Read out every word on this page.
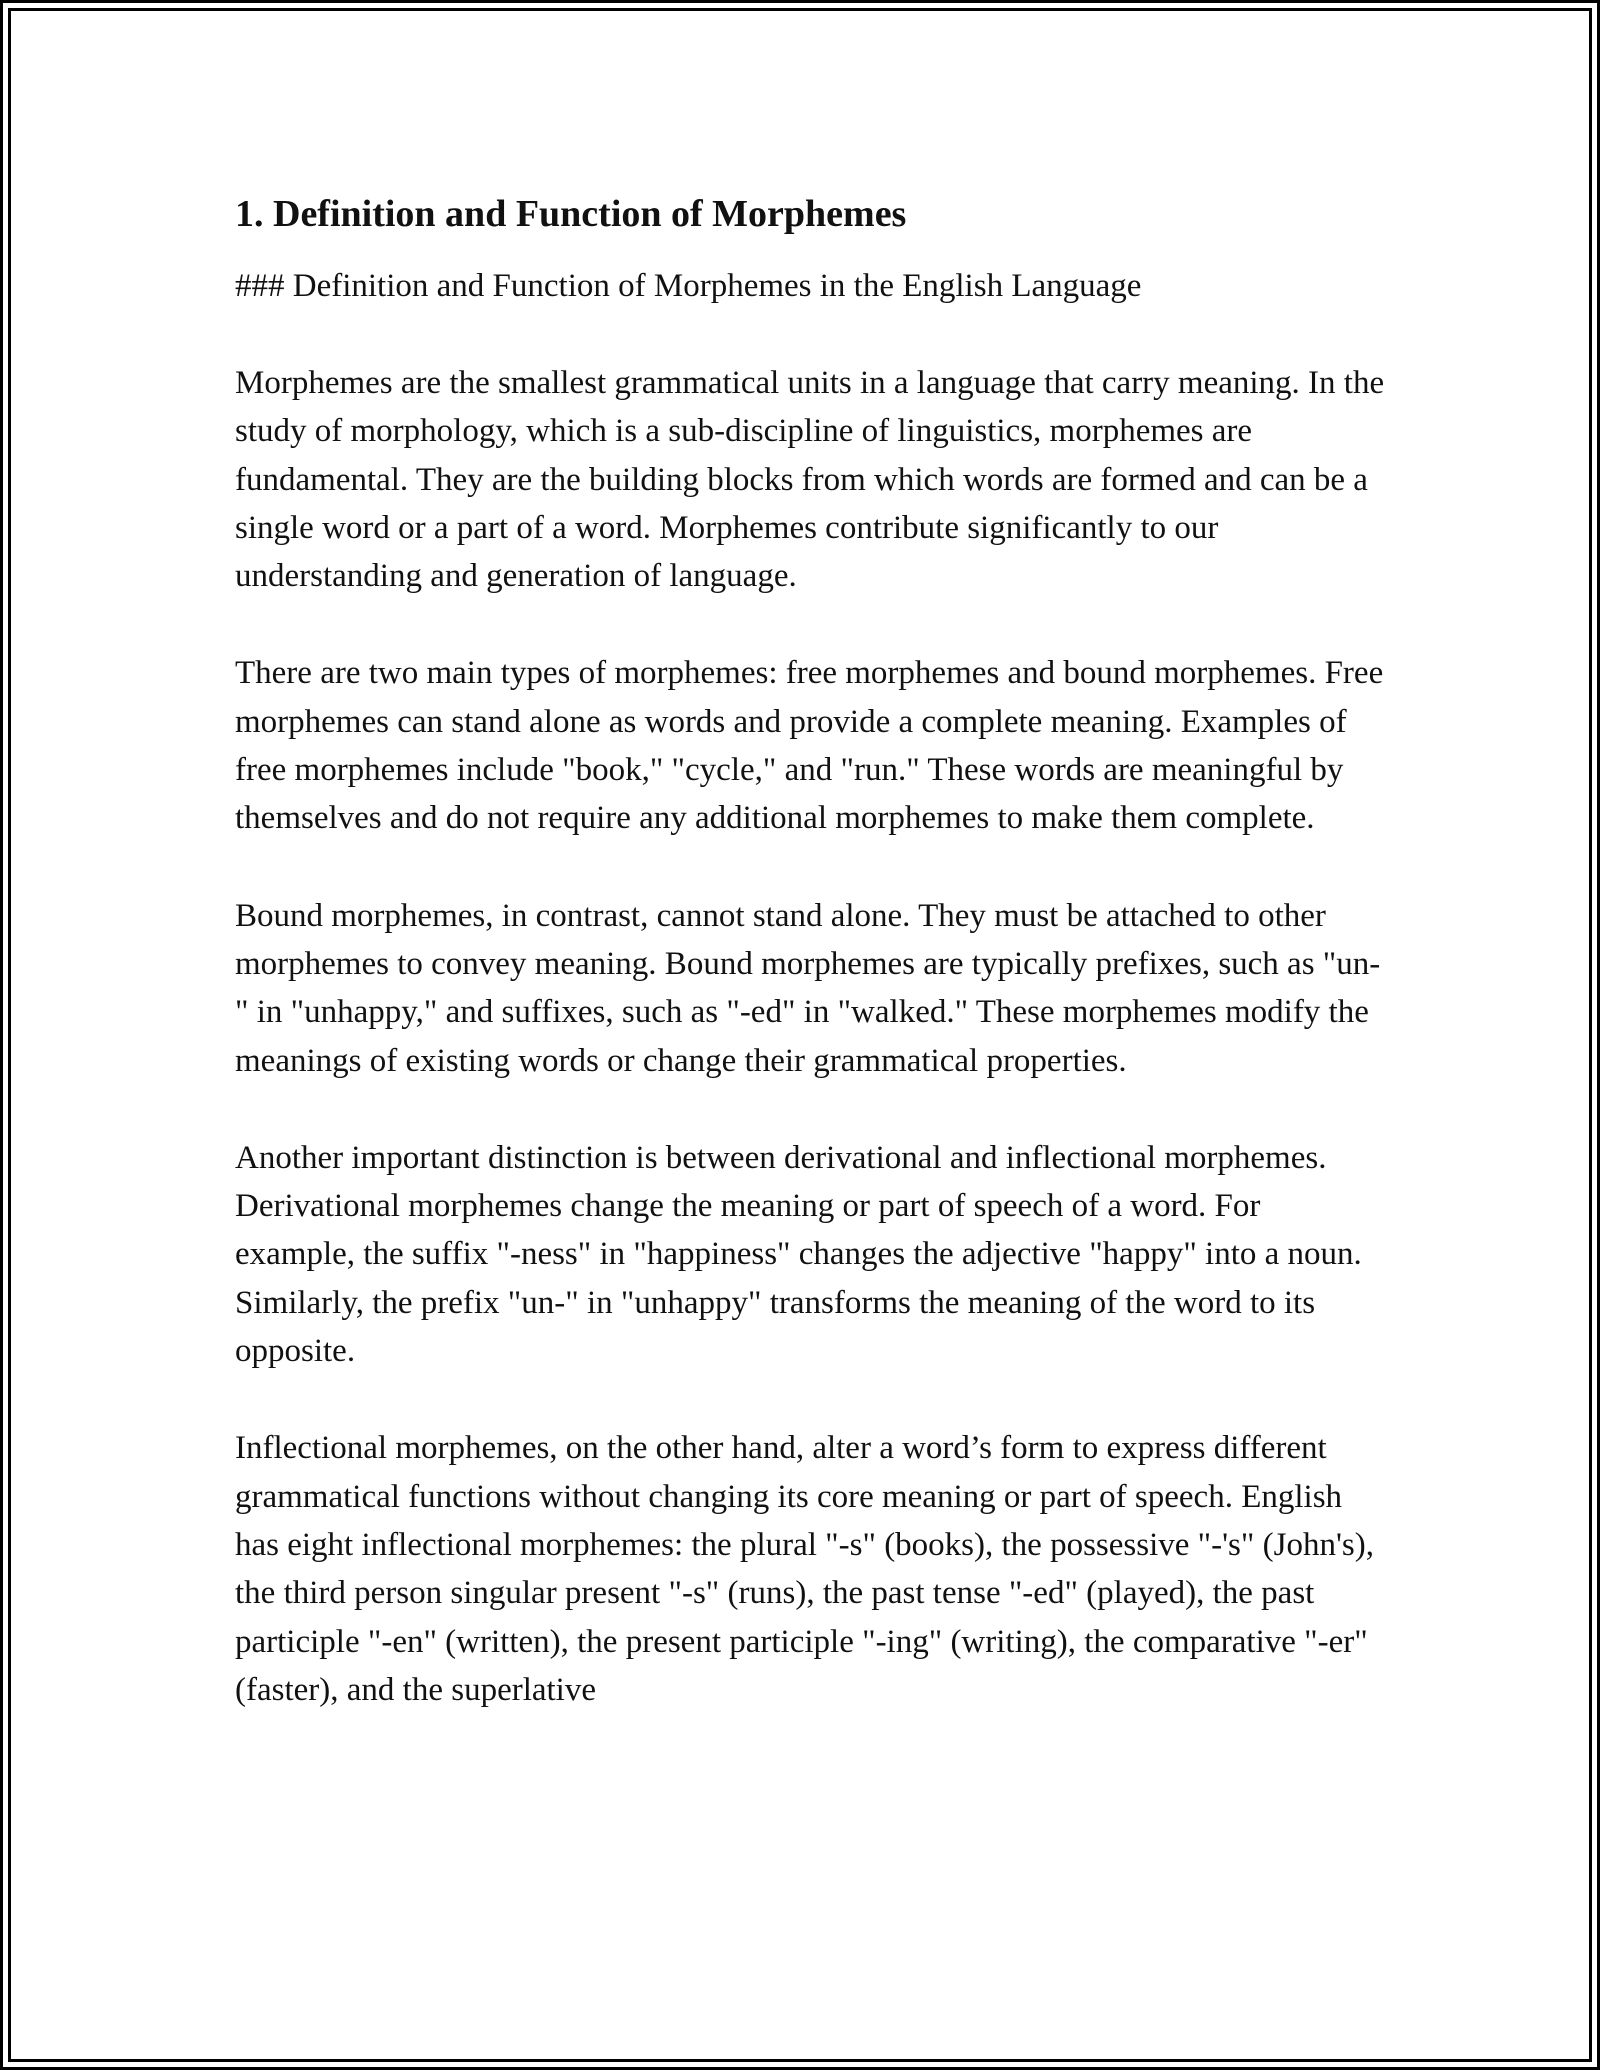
1. Definition and Function of Morphemes

### Definition and Function of Morphemes in the English Language

Morphemes are the smallest grammatical units in a language that carry meaning. In the study of morphology, which is a sub-discipline of linguistics, morphemes are fundamental. They are the building blocks from which words are formed and can be a single word or a part of a word. Morphemes contribute significantly to our understanding and generation of language.

There are two main types of morphemes: free morphemes and bound morphemes. Free morphemes can stand alone as words and provide a complete meaning. Examples of free morphemes include "book," "cycle," and "run." These words are meaningful by themselves and do not require any additional morphemes to make them complete.

Bound morphemes, in contrast, cannot stand alone. They must be attached to other morphemes to convey meaning. Bound morphemes are typically prefixes, such as "un-" in "unhappy," and suffixes, such as "-ed" in "walked." These morphemes modify the meanings of existing words or change their grammatical properties.

Another important distinction is between derivational and inflectional morphemes. Derivational morphemes change the meaning or part of speech of a word. For example, the suffix "-ness" in "happiness" changes the adjective "happy" into a noun. Similarly, the prefix "un-" in "unhappy" transforms the meaning of the word to its opposite.

Inflectional morphemes, on the other hand, alter a word’s form to express different grammatical functions without changing its core meaning or part of speech. English has eight inflectional morphemes: the plural "-s" (books), the possessive "-'s" (John's), the third person singular present "-s" (runs), the past tense "-ed" (played), the past participle "-en" (written), the present participle "-ing" (writing), the comparative "-er" (faster), and the superlative
